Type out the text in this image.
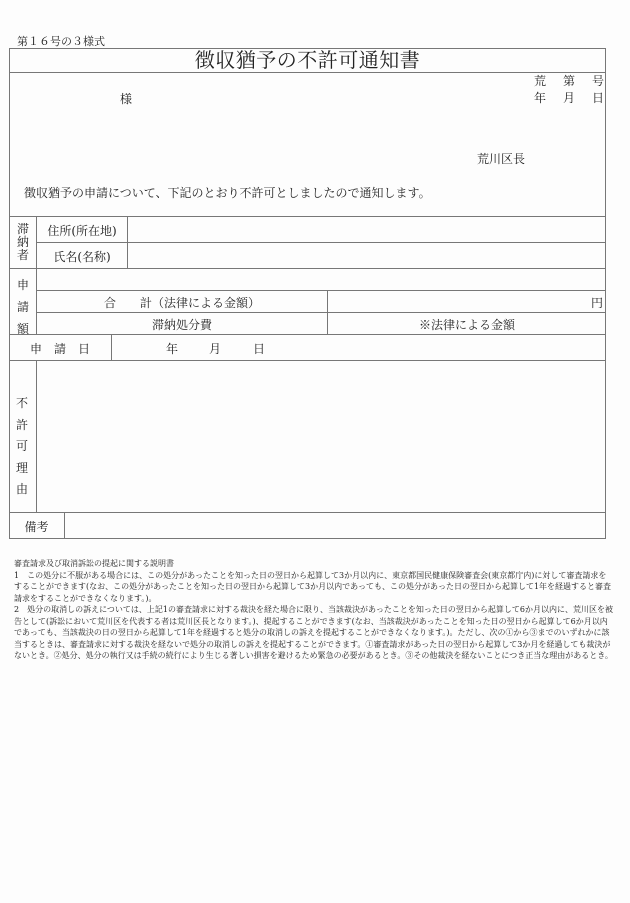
第１６号の３様式
徴収猶予の不許可通知書
様
荒 第 号
年 月 日
荒川区長
徴収猶予の申請について、下記のとおり不許可としましたので通知します。
滞
納
者
住所(所在地)
氏名(名称)
申
請
額
合　　計（法律による金額）	円
滞納処分費	※法律による金額
申　請　日	年	月	日
不
許
可
理
由
備考

審査請求及び取消訴訟の提起に関する説明書

1　この処分に不服がある場合には、この処分があったことを知った日の翌日から起算して3か月以内に、東京都国民健康保険審査会(東京都庁内)に対して審査請求をすることができます(なお、この処分があったことを知った日の翌日から起算して3か月以内であっても、この処分があった日の翌日から起算して1年を経過すると審査請求をすることができなくなります。)。

2　処分の取消しの訴えについては、上記1の審査請求に対する裁決を経た場合に限り、当該裁決があったことを知った日の翌日から起算して6か月以内に、荒川区を被告として(訴訟において荒川区を代表する者は荒川区長となります。)、提起することができます(なお、当該裁決があったことを知った日の翌日から起算して6か月以内であっても、当該裁決の日の翌日から起算して1年を経過すると処分の取消しの訴えを提起することができなくなります。)。ただし、次の①から③までのいずれかに該当するときは、審査請求に対する裁決を経ないで処分の取消しの訴えを提起することができます。①審査請求があった日の翌日から起算して3か月を経過しても裁決がないとき。②処分、処分の執行又は手続の続行により生じる著しい損害を避けるため緊急の必要があるとき。③その他裁決を経ないことにつき正当な理由があるとき。
